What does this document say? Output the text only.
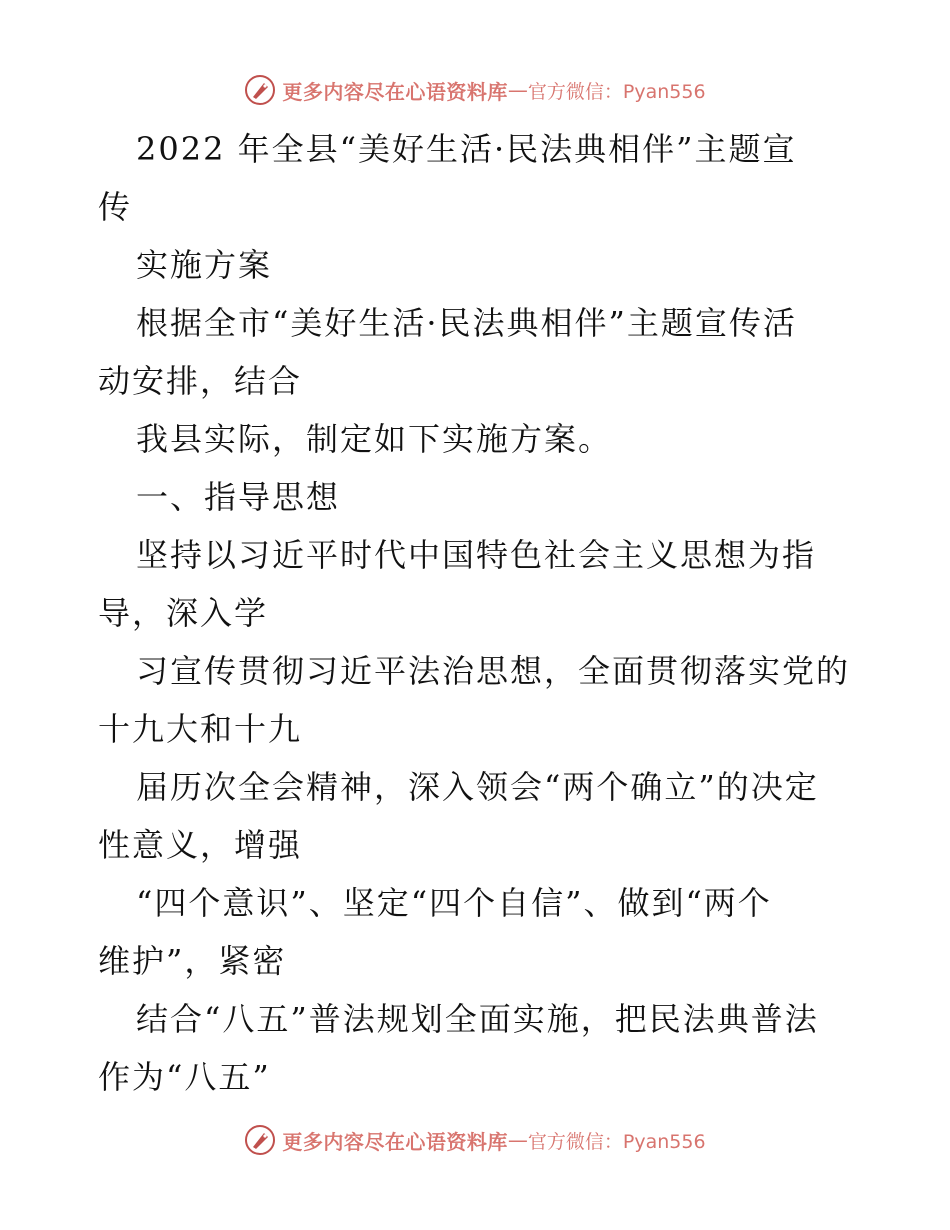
更多内容尽在心语资料库 — 官方微信：Pyan556
2022 年全县“美好生活·民法典相伴”主题宣
传
实施方案
根据全市“美好生活·民法典相伴”主题宣传活
动安排，结合
我县实际，制定如下实施方案。
一、指导思想
坚持以习近平时代中国特色社会主义思想为指
导，深入学
习宣传贯彻习近平法治思想，全面贯彻落实党的
十九大和十九
届历次全会精神，深入领会“两个确立”的决定
性意义，增强
“四个意识”、坚定“四个自信”、做到“两个
维护”，紧密
结合“八五”普法规划全面实施，把民法典普法
作为“八五”
更多内容尽在心语资料库 — 官方微信：Pyan556
